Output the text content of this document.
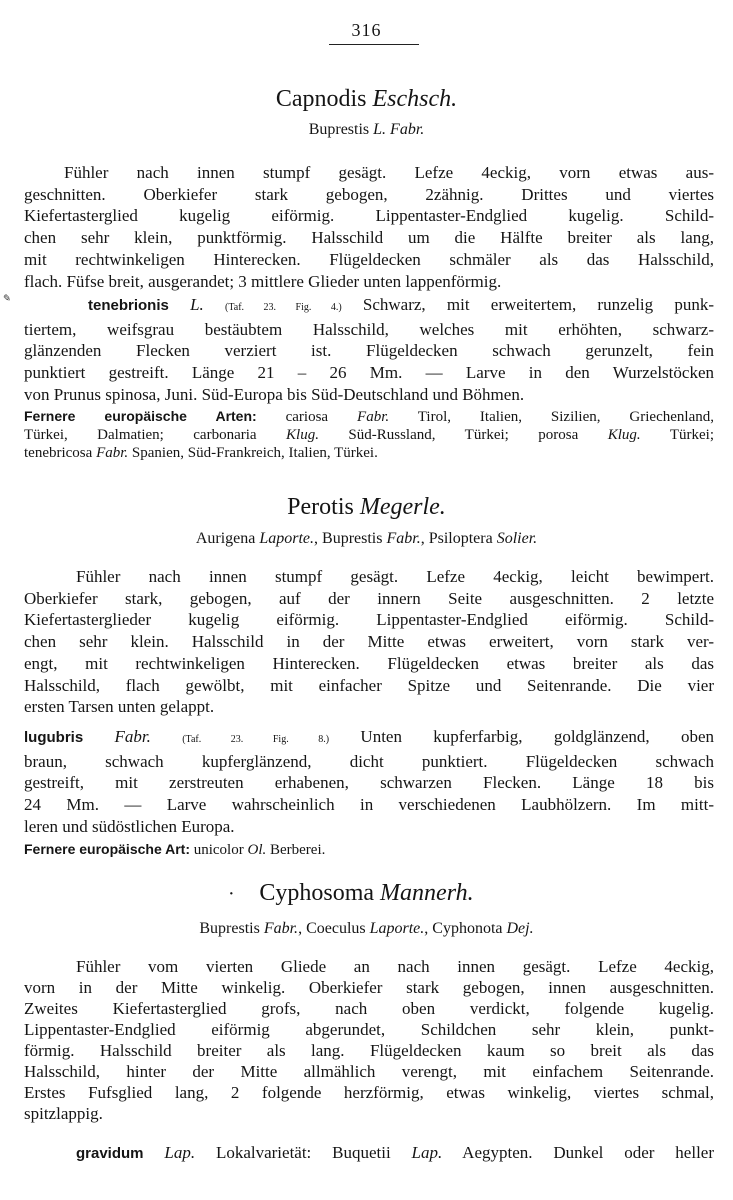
316
Capnodis Eschsch.
Buprestis L. Fabr.
Fühler nach innen stumpf gesägt. Lefze 4eckig, vorn etwas aus-
geschnitten. Oberkiefer stark gebogen, 2zähnig. Drittes und viertes
Kiefertasterglied kugelig eiförmig. Lippentaster-Endglied kugelig. Schild-
chen sehr klein, punktförmig. Halsschild um die Hälfte breiter als lang,
mit rechtwinkeligen Hinterecken. Flügeldecken schmäler als das Halsschild,
flach. Füfse breit, ausgerandet; 3 mittlere Glieder unten lappenförmig.
✎	tenebrionis L. (Taf. 23. Fig. 4.) Schwarz, mit erweitertem, runzelig punk-
tiertem, weifsgrau bestäubtem Halsschild, welches mit erhöhten, schwarz-
glänzenden Flecken verziert ist. Flügeldecken schwach gerunzelt, fein
punktiert gestreift. Länge 21 – 26 Mm. — Larve in den Wurzelstöcken
von Prunus spinosa, Juni. Süd-Europa bis Süd-Deutschland und Böhmen.
Fernere europäische Arten: cariosa Fabr. Tirol, Italien, Sizilien, Griechenland,
Türkei, Dalmatien; carbonaria Klug. Süd-Russland, Türkei; porosa Klug. Türkei;
tenebricosa Fabr. Spanien, Süd-Frankreich, Italien, Türkei.
Perotis Megerle.
Aurigena Laporte., Buprestis Fabr., Psiloptera Solier.
Fühler nach innen stumpf gesägt. Lefze 4eckig, leicht bewimpert.
Oberkiefer stark, gebogen, auf der innern Seite ausgeschnitten. 2 letzte
Kiefertasterglieder kugelig eiförmig. Lippentaster-Endglied eiförmig. Schild-
chen sehr klein. Halsschild in der Mitte etwas erweitert, vorn stark ver-
engt, mit rechtwinkeligen Hinterecken. Flügeldecken etwas breiter als das
Halsschild, flach gewölbt, mit einfacher Spitze und Seitenrande. Die vier
ersten Tarsen unten gelappt.
lugubris Fabr.	(Taf. 23. Fig. 8.) Unten kupferfarbig, goldglänzend, oben
braun, schwach kupferglänzend, dicht punktiert. Flügeldecken schwach
gestreift, mit zerstreuten erhabenen, schwarzen Flecken. Länge 18 bis
24 Mm. — Larve wahrscheinlich in verschiedenen Laubhölzern. Im mitt-
leren und südöstlichen Europa.
Fernere europäische Art: unicolor Ol. Berberei.
·	Cyphosoma Mannerh.
Buprestis Fabr., Coeculus Laporte., Cyphonota Dej.
Fühler vom vierten Gliede an nach innen gesägt. Lefze 4eckig,
vorn in der Mitte winkelig. Oberkiefer stark gebogen, innen ausgeschnitten.
Zweites Kiefertasterglied grofs, nach oben verdickt, folgende kugelig.
Lippentaster-Endglied eiförmig abgerundet, Schildchen sehr klein, punkt-
förmig. Halsschild breiter als lang. Flügeldecken kaum so breit als das
Halsschild, hinter der Mitte allmählich verengt, mit einfachem Seitenrande.
Erstes Fufsglied lang, 2 folgende herzförmig, etwas winkelig, viertes schmal,
spitzlappig.
gravidum Lap. Lokalvarietät: Buquetii Lap. Aegypten. Dunkel oder heller
